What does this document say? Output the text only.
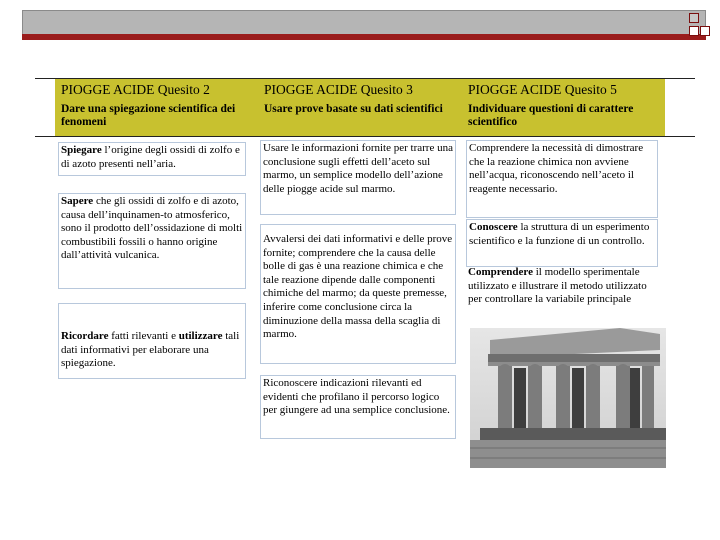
PIOGGE ACIDE Quesito 2
Dare una spiegazione scientifica dei fenomeni
PIOGGE ACIDE Quesito 3
Usare prove basate su dati scientifici
PIOGGE ACIDE Quesito 5
Individuare questioni di carattere scientifico
Spiegare l’origine degli ossidi di zolfo e di azoto presenti nell’aria.
Sapere che gli ossidi di zolfo e di azoto, causa dell’inquinamen-to atmosferico, sono il prodotto dell’ossidazione di molti combustibili fossili o hanno origine dall’attività vulcanica.
Ricordare fatti rilevanti e utilizzare tali dati informativi per elaborare una spiegazione.
Usare le informazioni fornite per trarre una conclusione sugli effetti dell’aceto sul marmo, un semplice modello dell’azione delle piogge acide sul marmo.
Avvalersi dei dati informativi e delle prove fornite; comprendere che la causa delle bolle di gas è una reazione chimica e che tale reazione dipende dalle componenti chimiche del marmo; da queste premesse, inferire come conclusione circa la diminuzione della massa della scaglia di marmo.
Riconoscere indicazioni rilevanti ed evidenti che profilano il percorso logico per giungere ad una semplice conclusione.
Comprendere la necessità di dimostrare che la reazione chimica non avviene nell’acqua, riconoscendo nell’aceto il reagente necessario.
Conoscere la struttura di un esperimento scientifico e la funzione di un controllo.
Comprendere il modello sperimentale utilizzato e illustrare il metodo utilizzato per controllare la variabile principale
